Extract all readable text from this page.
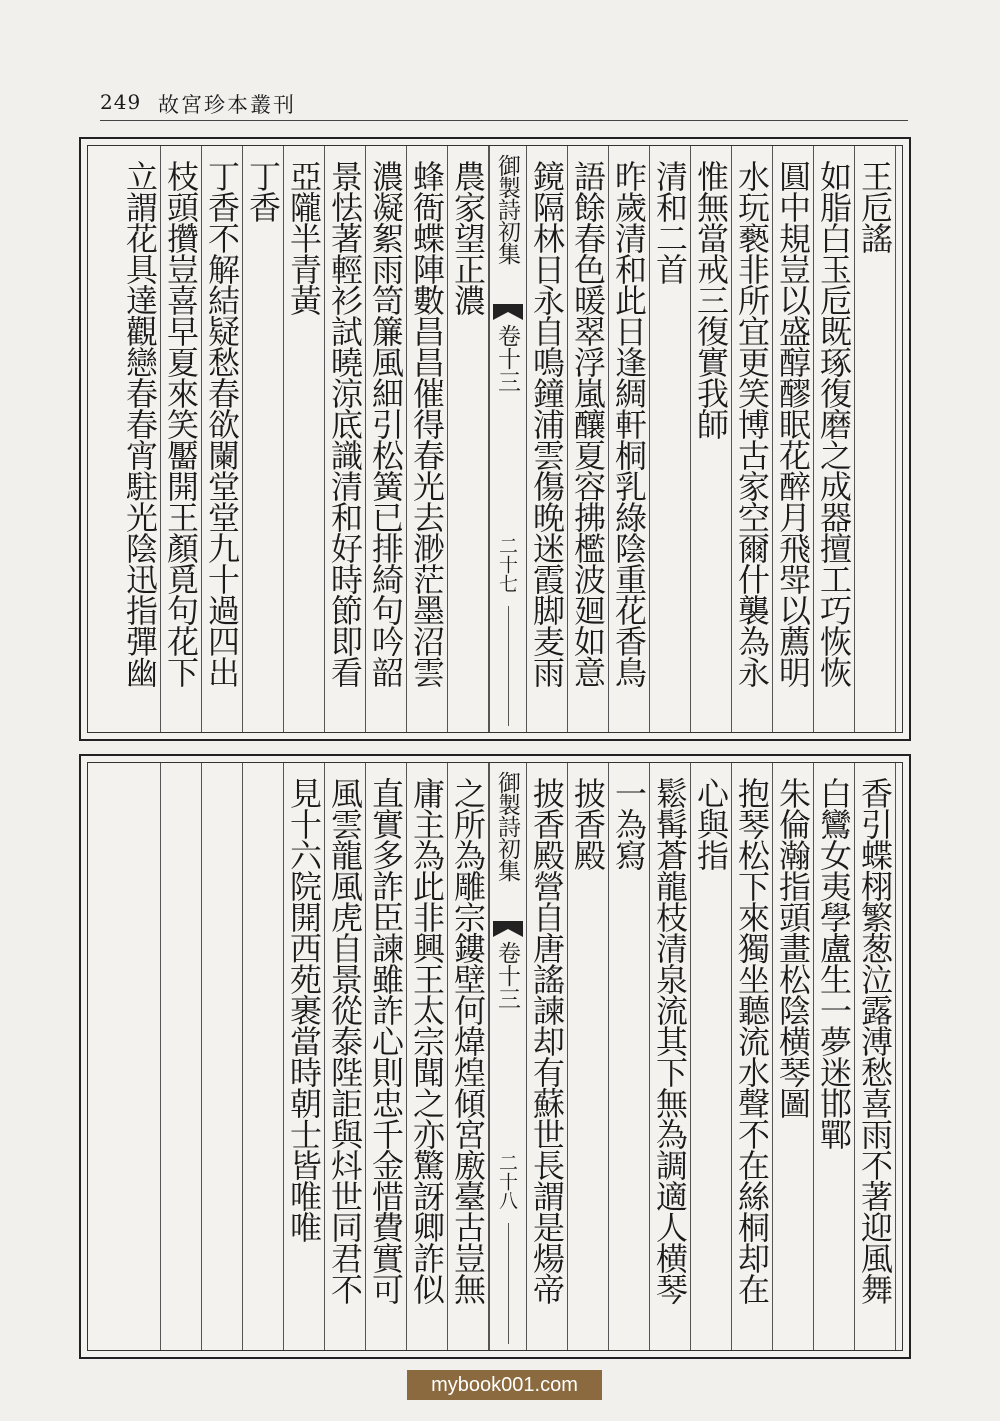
249 故宮珍本叢刊
王卮謠
如脂白玉卮既琢復磨之成器擅工巧恢恢
圓中規豈以盛醇醪眠花醉月飛斝以薦明
水玩褻非所宜更笑博古家空爾什襲為永
惟無當戒三復實我師
清和二首
昨歲清和此日逢綢軒桐乳綠陰重花香鳥
語餘春色暖翠浮嵐釀夏容拂檻波廻如意
鏡隔林日永自鳴鐘浦雲傷晚迷霞脚麦雨
御製詩初集
卷十三
二十七
農家望正濃
蜂衙蝶陣數昌昌催得春光去渺茫墨沼雲
濃凝絮雨笥簾風細引松簧已排綺句吟韶
景怯著輕衫試曉涼底識清和好時節即看
亞隴半青黃
丁香
丁香不解結疑愁春欲闌堂堂九十過四出
枝頭攢豈喜早夏來笑靨開王顏覓句花下
立謂花具達觀戀春春宵駐光陰迅指彈幽
香引蝶栩繁葱泣露溥愁喜雨不著迎風舞
白鸞女夷學盧生一夢迷邯鄲
朱倫瀚指頭畫松陰横琴圖
抱琴松下來獨坐聽流水聲不在絲桐却在
心與指
鬆髯蒼龍枝清泉流其下無為調適人横琴
一為寫
披香殿
披香殿營自唐謠諫却有蘇世長謂是煬帝
御製詩初集
卷十三
二十八
之所為雕宗鏤壁何煒煌傾宮廒臺古豈無
庸主為此非興王太宗聞之亦驚訝卿詐似
直實多詐臣諫雖詐心則忠千金惜費實可
風雲龍風虎自景從泰陛詎與炓世同君不
見十六院開西苑裹當時朝士皆唯唯
mybook001.com
